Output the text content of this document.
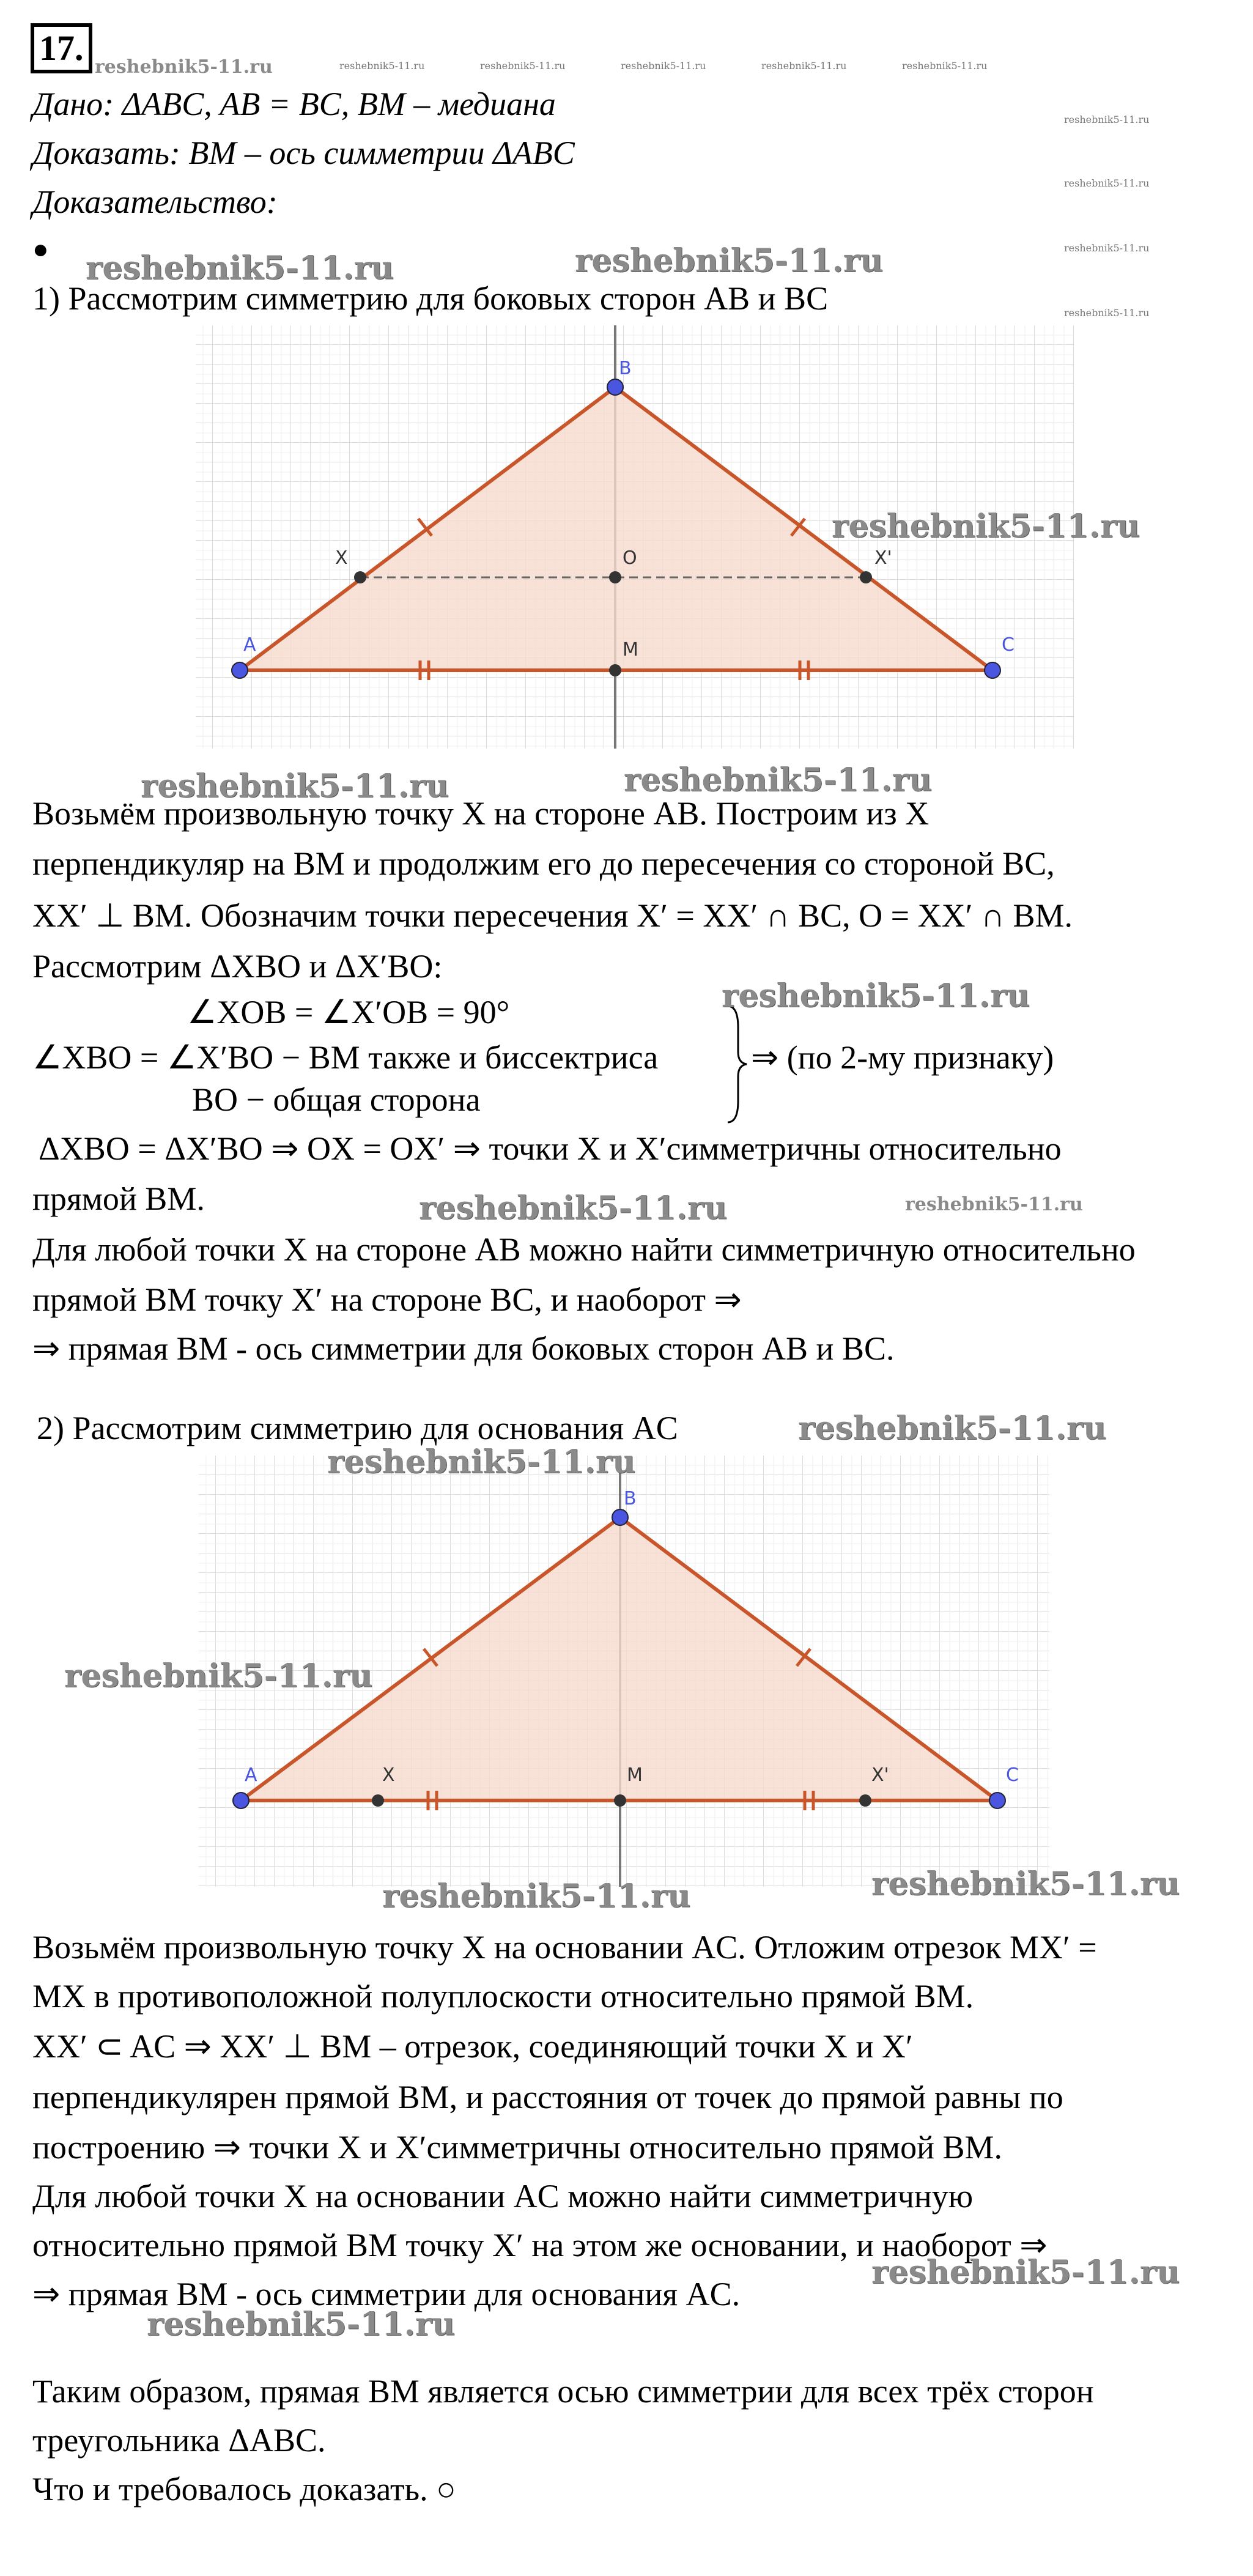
17.
Дано: ΔABC, AB = BC, BM – медиана
Доказать: BM – ось симметрии ΔABC
Доказательство:
●
1) Рассмотрим симметрию для боковых сторон AB и BC
A
B
C
M
O
X	X'
Возьмём произвольную точку X на стороне AB. Построим из X
перпендикуляр на BM и продолжим его до пересечения со стороной BC,
XX′ ⊥ BM. Обозначим точки пересечения X′ = XX′ ∩ BC, O = XX′ ∩ BM.
Рассмотрим ΔXBO и ΔX′BO:
∠XOB = ∠X′OB = 90°
∠XBO = ∠X′BO − BM также и биссектриса
BO − общая сторона
⇒ (по 2-му признаку)
ΔXBO = ΔX′BO ⇒ OX = OX′ ⇒ точки X и X′симметричны относительно
прямой BM.
Для любой точки X на стороне AB можно найти симметричную относительно
прямой BM точку X′ на стороне BC, и наоборот ⇒
⇒ прямая BM - ось симметрии для боковых сторон AB и BC.
2) Рассмотрим симметрию для основания AC
A
B
C
M
X	X'
Возьмём произвольную точку X на основании AC. Отложим отрезок MX′ =
MX в противоположной полуплоскости относительно прямой BM.
XX′ ⊂ AC ⇒ XX′ ⊥ BM – отрезок, соединяющий точки X и X′
перпендикулярен прямой BM, и расстояния от точек до прямой равны по
построению ⇒ точки X и X′симметричны относительно прямой BM.
Для любой точки X на основании AC можно найти симметричную
относительно прямой BM точку X′ на этом же основании, и наоборот ⇒
⇒ прямая BM - ось симметрии для основания AC.
Таким образом, прямая BM является осью симметрии для всех трёх сторон
треугольника ΔABC.
Что и требовалось доказать. ○
reshebnik5-11.ru	reshebnik5-11.ru	reshebnik5-11.ru	reshebnik5-11.ru	reshebnik5-11.ru	reshebnik5-11.ru
reshebnik5-11.ru
reshebnik5-11.ru
reshebnik5-11.ru
reshebnik5-11.ru
reshebnik5-11.ru	reshebnik5-11.ru
reshebnik5-11.ru
reshebnik5-11.ru	reshebnik5-11.ru
reshebnik5-11.ru
reshebnik5-11.ru	reshebnik5-11.ru
reshebnik5-11.ru
reshebnik5-11.ru
reshebnik5-11.ru
reshebnik5-11.ru	reshebnik5-11.ru
reshebnik5-11.ru
reshebnik5-11.ru
